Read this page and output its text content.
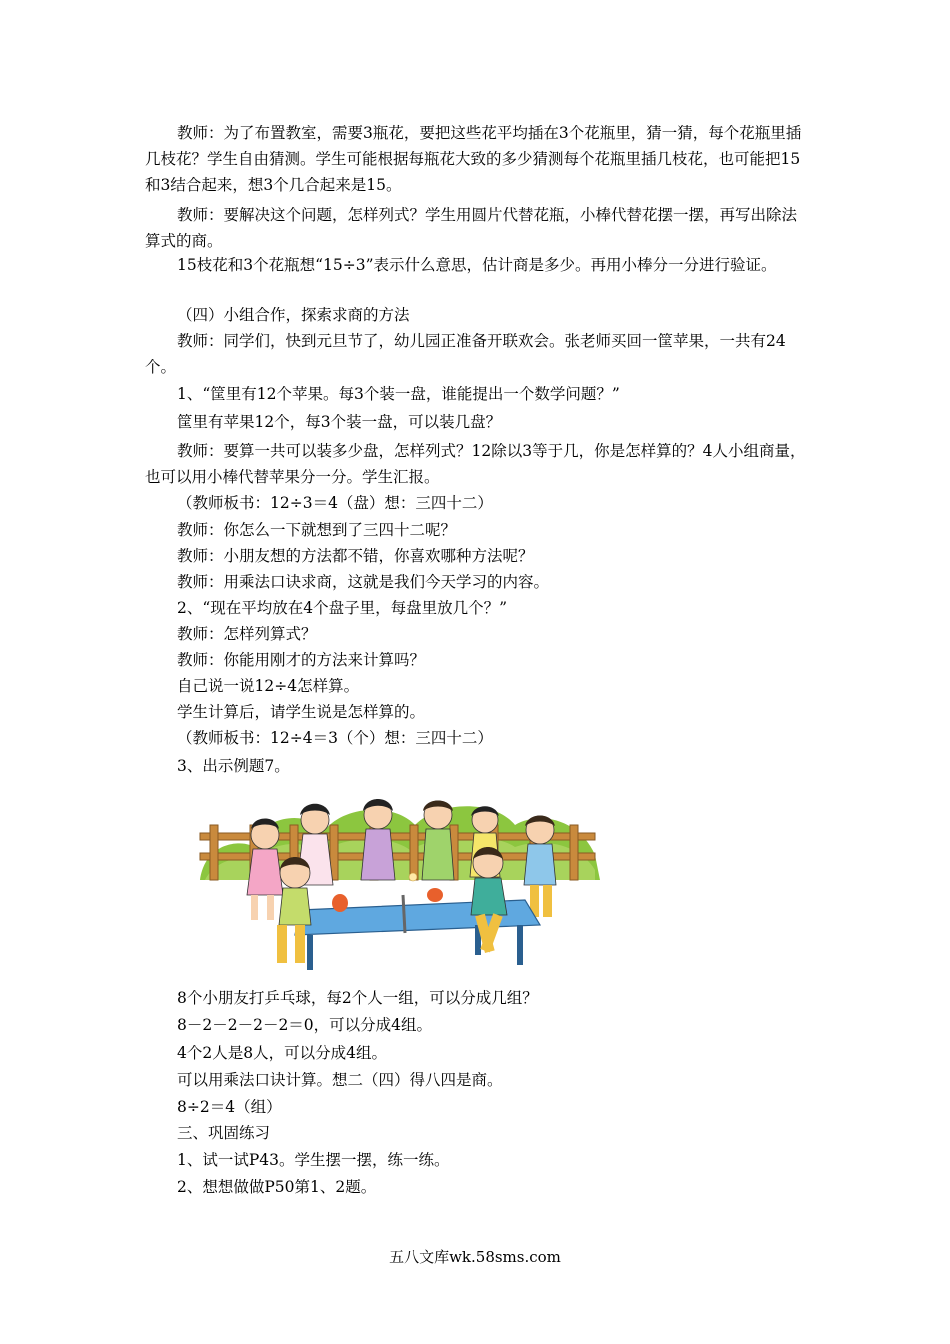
教师：为了布置教室，需要3瓶花，要把这些花平均插在3个花瓶里，猜一猜，每个花瓶里插几枝花？学生自由猜测。学生可能根据每瓶花大致的多少猜测每个花瓶里插几枝花，也可能把15和3结合起来，想3个几合起来是15。
教师：要解决这个问题，怎样列式？学生用圆片代替花瓶，小棒代替花摆一摆，再写出除法算式的商。
15枝花和3个花瓶想“15÷3”表示什么意思，估计商是多少。再用小棒分一分进行验证。
（四）小组合作，探索求商的方法
教师：同学们，快到元旦节了，幼儿园正准备开联欢会。张老师买回一筐苹果，一共有24个。
1、“筐里有12个苹果。每3个装一盘，谁能提出一个数学问题？”
筐里有苹果12个，每3个装一盘，可以装几盘？
教师：要算一共可以装多少盘，怎样列式？12除以3等于几，你是怎样算的？4人小组商量，也可以用小棒代替苹果分一分。学生汇报。
（教师板书：12÷3＝4（盘）想：三四十二）
教师：你怎么一下就想到了三四十二呢？
教师：小朋友想的方法都不错，你喜欢哪种方法呢？
教师：用乘法口诀求商，这就是我们今天学习的内容。
2、“现在平均放在4个盘子里，每盘里放几个？”
教师：怎样列算式？
教师：你能用刚才的方法来计算吗？
自己说一说12÷4怎样算。
学生计算后，请学生说是怎样算的。
（教师板书：12÷4＝3（个）想：三四十二）
3、出示例题7。
8个小朋友打乒乓球，每2个人一组，可以分成几组？
8－2－2－2－2＝0，可以分成4组。
4个2人是8人，可以分成4组。
可以用乘法口诀计算。想二（四）得八四是商。
8÷2＝4（组）
三、巩固练习
1、试一试P43。学生摆一摆，练一练。
2、想想做做P50第1、2题。
五八文库wk.58sms.com
